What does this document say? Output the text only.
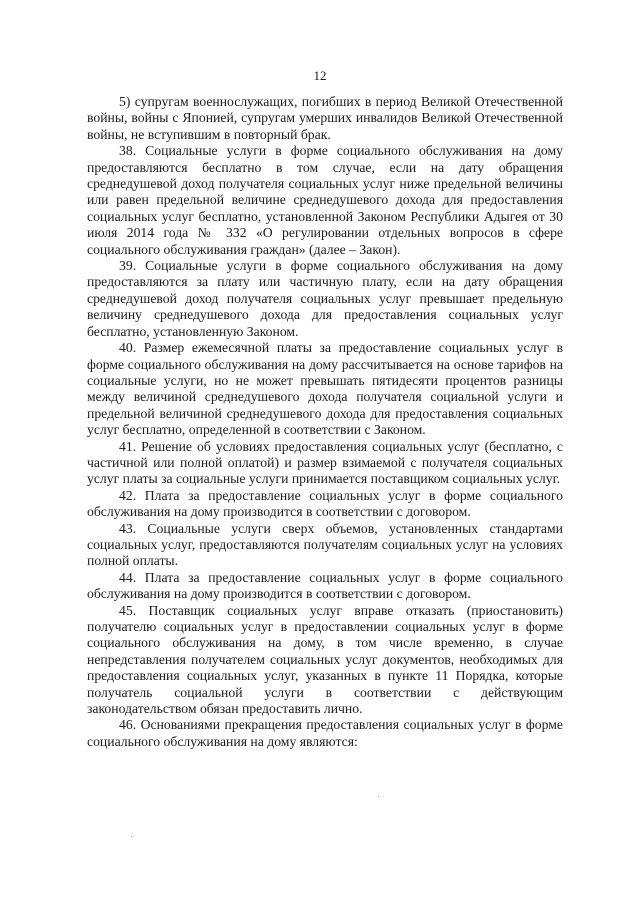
12

5) супругам военнослужащих, погибших в период Великой Отечественной войны, войны с Японией, супругам умерших инвалидов Великой Отечественной войны, не вступившим в повторный брак.

38. Социальные услуги в форме социального обслуживания на дому предоставляются бесплатно в том случае, если на дату обращения среднедушевой доход получателя социальных услуг ниже предельной величины или равен предельной величине среднедушевого дохода для предоставления социальных услуг бесплатно, установленной Законом Республики Адыгея от 30 июля 2014 года № 332 «О регулировании отдельных вопросов в сфере социального обслуживания граждан» (далее – Закон).

39. Социальные услуги в форме социального обслуживания на дому предоставляются за плату или частичную плату, если на дату обращения среднедушевой доход получателя социальных услуг превышает предельную величину среднедушевого дохода для предоставления социальных услуг бесплатно, установленную Законом.

40. Размер ежемесячной платы за предоставление социальных услуг в форме социального обслуживания на дому рассчитывается на основе тарифов на социальные услуги, но не может превышать пятидесяти процентов разницы между величиной среднедушевого дохода получателя социальной услуги и предельной величиной среднедушевого дохода для предоставления социальных услуг бесплатно, определенной в соответствии с Законом.

41. Решение об условиях предоставления социальных услуг (бесплатно, с частичной или полной оплатой) и размер взимаемой с получателя социальных услуг платы за социальные услуги принимается поставщиком социальных услуг.

42. Плата за предоставление социальных услуг в форме социального обслуживания на дому производится в соответствии с договором.

43. Социальные услуги сверх объемов, установленных стандартами социальных услуг, предоставляются получателям социальных услуг на условиях полной оплаты.

44. Плата за предоставление социальных услуг в форме социального обслуживания на дому производится в соответствии с договором.

45. Поставщик социальных услуг вправе отказать (приостановить) получателю социальных услуг в предоставлении социальных услуг в форме социального обслуживания на дому, в том числе временно, в случае непредставления получателем социальных услуг документов, необходимых для предоставления социальных услуг, указанных в пункте 11 Порядка, которые получатель социальной услуги в соответствии с действующим законодательством обязан предоставить лично.

46. Основаниями прекращения предоставления социальных услуг в форме социального обслуживания на дому являются:
